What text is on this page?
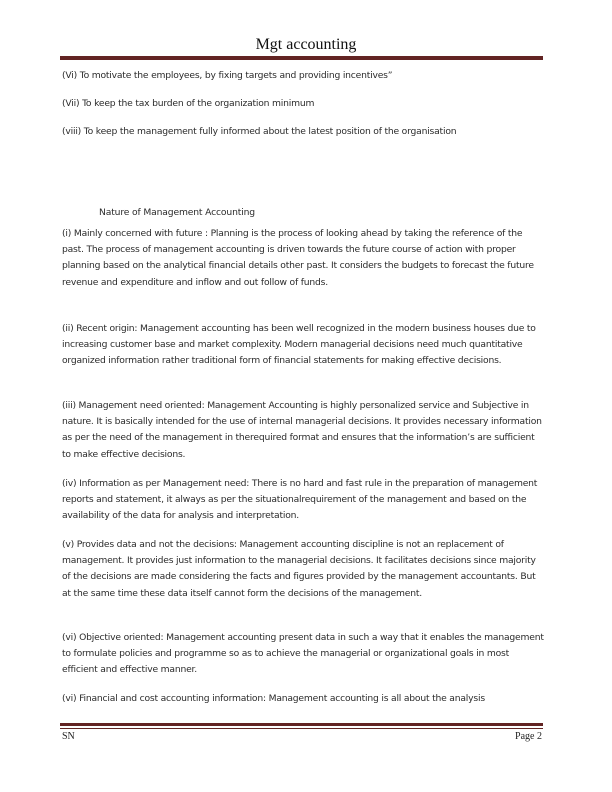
Mgt accounting
(Vi) To motivate the employees, by fixing targets and providing incentives”
(Vii) To keep the tax burden of the organization minimum
(viii) To keep the management fully informed about the latest position of the organisation
Nature of Management Accounting

(i) Mainly concerned with future : Planning is the process of looking ahead by taking the reference of the past. The process of management accounting is driven towards the future course of action with proper planning based on the analytical financial details other past. It considers the budgets to forecast the future revenue and expenditure and inflow and out follow of funds.

(ii) Recent origin: Management accounting has been well recognized in the modern business houses due to increasing customer base and market complexity. Modern managerial decisions need much quantitative organized information rather traditional form of financial statements for making effective decisions.

(iii) Management need oriented: Management Accounting is highly personalized service and Subjective in nature. It is basically intended for the use of internal managerial decisions. It provides necessary information as per the need of the management in therequired format and ensures that the information’s are sufficient to make effective decisions.

(iv) Information as per Management need: There is no hard and fast rule in the preparation of management reports and statement, it always as per the situationalrequirement of the management and based on the availability of the data for analysis and interpretation.

(v) Provides data and not the decisions: Management accounting discipline is not an replacement of management. It provides just information to the managerial decisions. It facilitates decisions since majority of the decisions are made considering the facts and figures provided by the management accountants. But at the same time these data itself cannot form the decisions of the management.

(vi) Objective oriented: Management accounting present data in such a way that it enables the management to formulate policies and programme so as to achieve the managerial or organizational goals in most efficient and effective manner.

(vi) Financial and cost accounting information: Management accounting is all about the analysis

SN	Page 2
